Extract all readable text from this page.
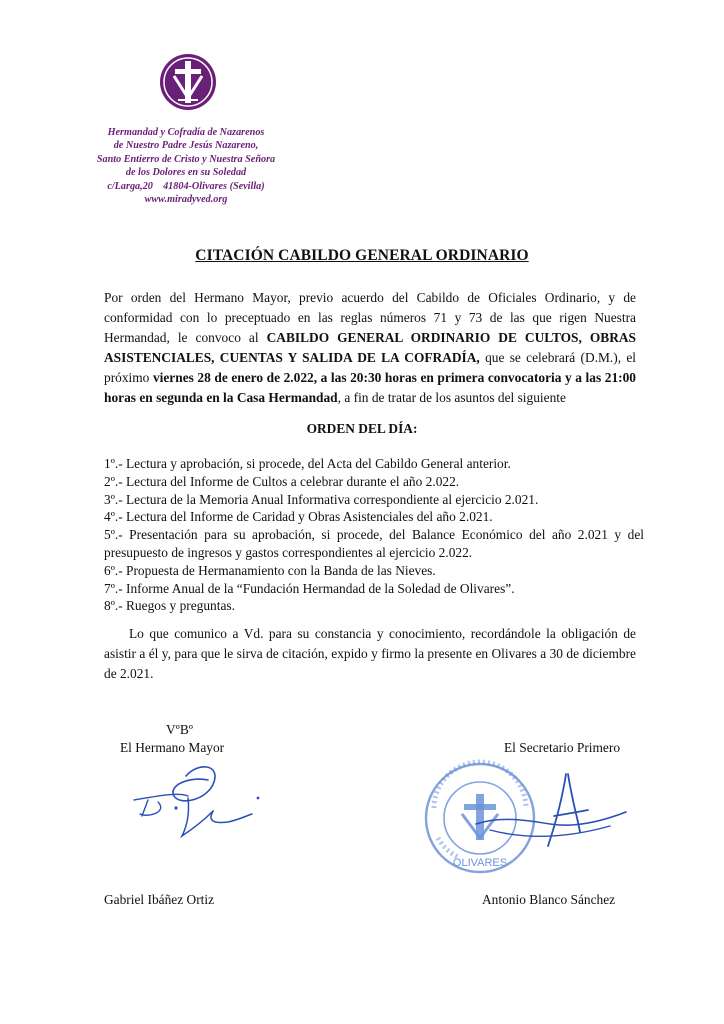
Hermandad y Cofradía de Nazarenos
de Nuestro Padre Jesús Nazareno,
Santo Entierro de Cristo y Nuestra Señora
de los Dolores en su Soledad
c/Larga,20    41804-Olivares (Sevilla)
www.miradyved.org
CITACIÓN CABILDO GENERAL ORDINARIO
Por orden del Hermano Mayor, previo acuerdo del Cabildo de Oficiales Ordinario, y de conformidad con lo preceptuado en las reglas números 71 y 73 de las que rigen Nuestra Hermandad, le convoco al CABILDO GENERAL ORDINARIO DE CULTOS, OBRAS ASISTENCIALES, CUENTAS Y SALIDA DE LA COFRADÍA, que se celebrará (D.M.), el próximo viernes 28 de enero de 2.022, a las 20:30 horas en primera convocatoria y a las 21:00 horas en segunda en la Casa Hermandad, a fin de tratar de los asuntos del siguiente
ORDEN DEL DÍA:
1º.- Lectura y aprobación, si procede, del Acta del Cabildo General anterior.
2º.- Lectura del Informe de Cultos a celebrar durante el año 2.022.
3º.- Lectura de la Memoria Anual Informativa correspondiente al ejercicio 2.021.
4º.- Lectura del Informe de Caridad y Obras Asistenciales del año 2.021.
5º.- Presentación para su aprobación, si procede, del Balance Económico del año 2.021 y del presupuesto de ingresos y gastos correspondientes al ejercicio 2.022.
6º.- Propuesta de Hermanamiento con la Banda de las Nieves.
7º.- Informe Anual de la “Fundación Hermandad de la Soledad de Olivares”.
8º.- Ruegos y preguntas.
Lo que comunico a Vd. para su constancia y conocimiento, recordándole la obligación de asistir a él y, para que le sirva de citación, expido y firmo la presente en Olivares a 30 de diciembre de 2.021.
VºBº
El Hermano Mayor	El Secretario Primero
OLIVARES
Gabriel Ibáñez Ortiz	Antonio Blanco Sánchez
